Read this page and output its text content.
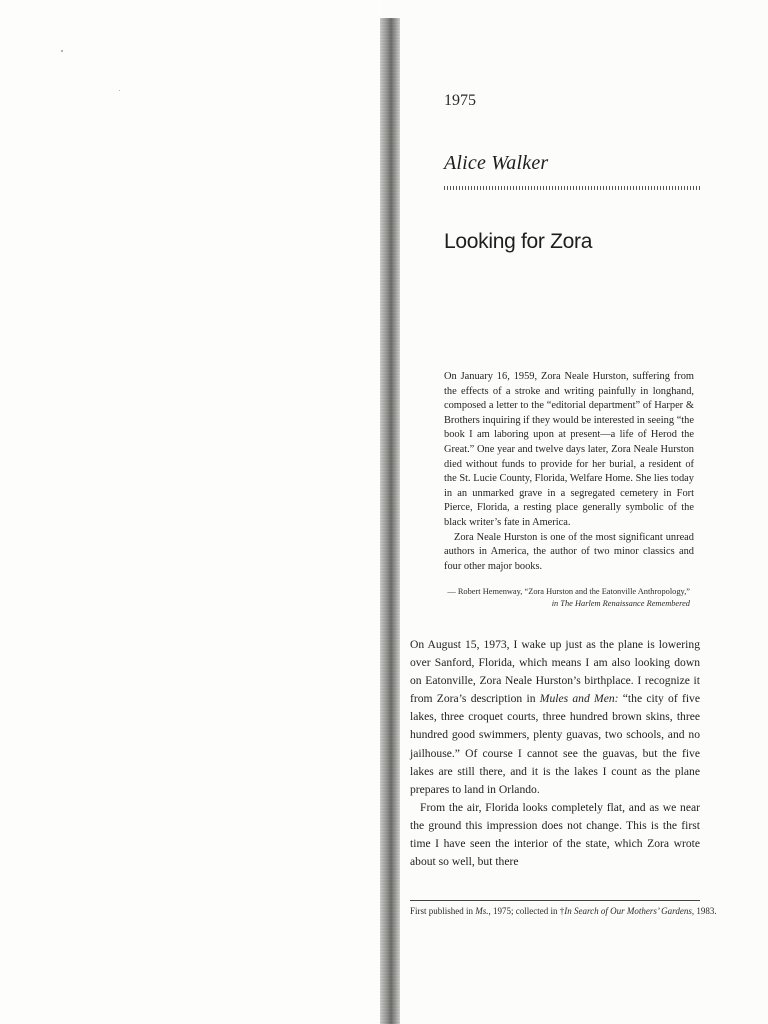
1975
Alice Walker
Looking for Zora

On January 16, 1959, Zora Neale Hurston, suffering from the effects of a stroke and writing painfully in longhand, composed a letter to the “editorial department” of Harper & Brothers inquiring if they would be interested in seeing “the book I am laboring upon at present—a life of Herod the Great.” One year and twelve days later, Zora Neale Hurston died without funds to provide for her burial, a resident of the St. Lucie County, Florida, Welfare Home. She lies today in an unmarked grave in a segregated cemetery in Fort Pierce, Florida, a resting place generally symbolic of the black writer’s fate in America.

Zora Neale Hurston is one of the most significant unread authors in America, the author of two minor classics and four other major books.

— Robert Hemenway, “Zora Hurston and the Eatonville Anthropology,”
in The Harlem Renaissance Remembered

On August 15, 1973, I wake up just as the plane is lowering over Sanford, Florida, which means I am also looking down on Eatonville, Zora Neale Hurston’s birthplace. I recognize it from Zora’s description in Mules and Men: “the city of five lakes, three croquet courts, three hundred brown skins, three hundred good swimmers, plenty guavas, two schools, and no jailhouse.” Of course I cannot see the guavas, but the five lakes are still there, and it is the lakes I count as the plane prepares to land in Orlando.

From the air, Florida looks completely flat, and as we near the ground this impression does not change. This is the first time I have seen the interior of the state, which Zora wrote about so well, but there

First published in Ms., 1975; collected in †In Search of Our Mothers’ Gardens, 1983.
